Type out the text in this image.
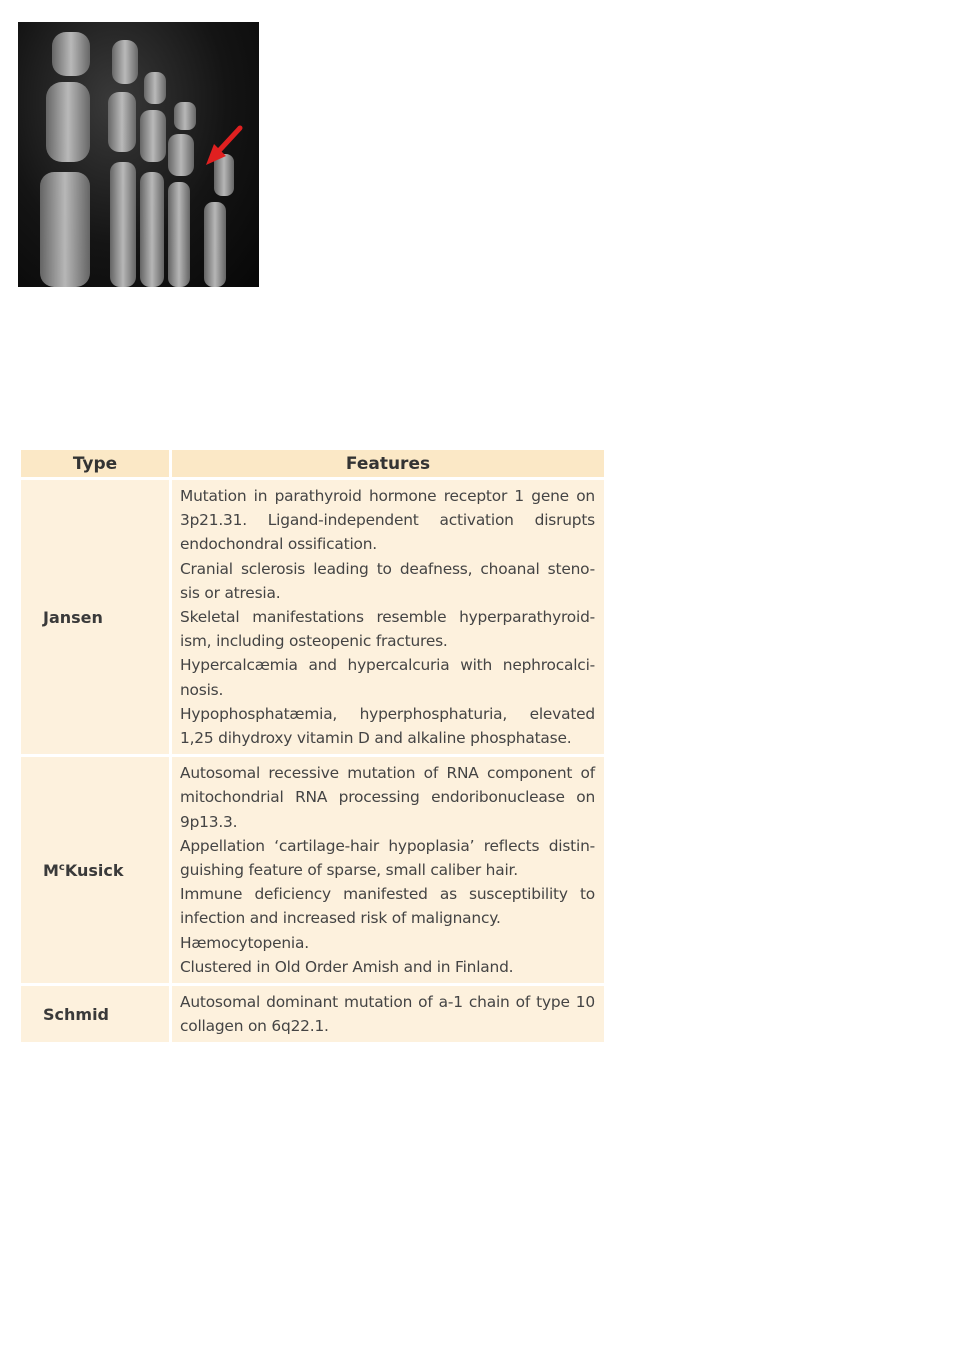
Type	Features
Jansen	Mutation in parathyroid hormone receptor 1 gene on 3p21.31. Ligand-independent activation disrupts endochondral ossification.
Cranial sclerosis leading to deafness, choanal steno- sis or atresia.
Skeletal manifestations resemble hyperparathyroid- ism, including osteopenic fractures.
Hypercalcæmia and hypercalcuria with nephrocalci- nosis.
Hypophosphatæmia, hyperphosphaturia, elevated 1,25 dihydroxy vitamin D and alkaline phosphatase.

$M^cKusick$	Autosomal recessive mutation of RNA component of mitochondrial RNA processing endoribonuclease on 9p13.3.
Appellation ‘cartilage-hair hypoplasia’ reflects distin- guishing feature of sparse, small caliber hair.
Immune deficiency manifested as susceptibility to infection and increased risk of malignancy.
Hæmocytopenia.
Clustered in Old Order Amish and in Finland.

Schmid	Autosomal dominant mutation of a-1 chain of type 10 collagen on 6q22.1.
